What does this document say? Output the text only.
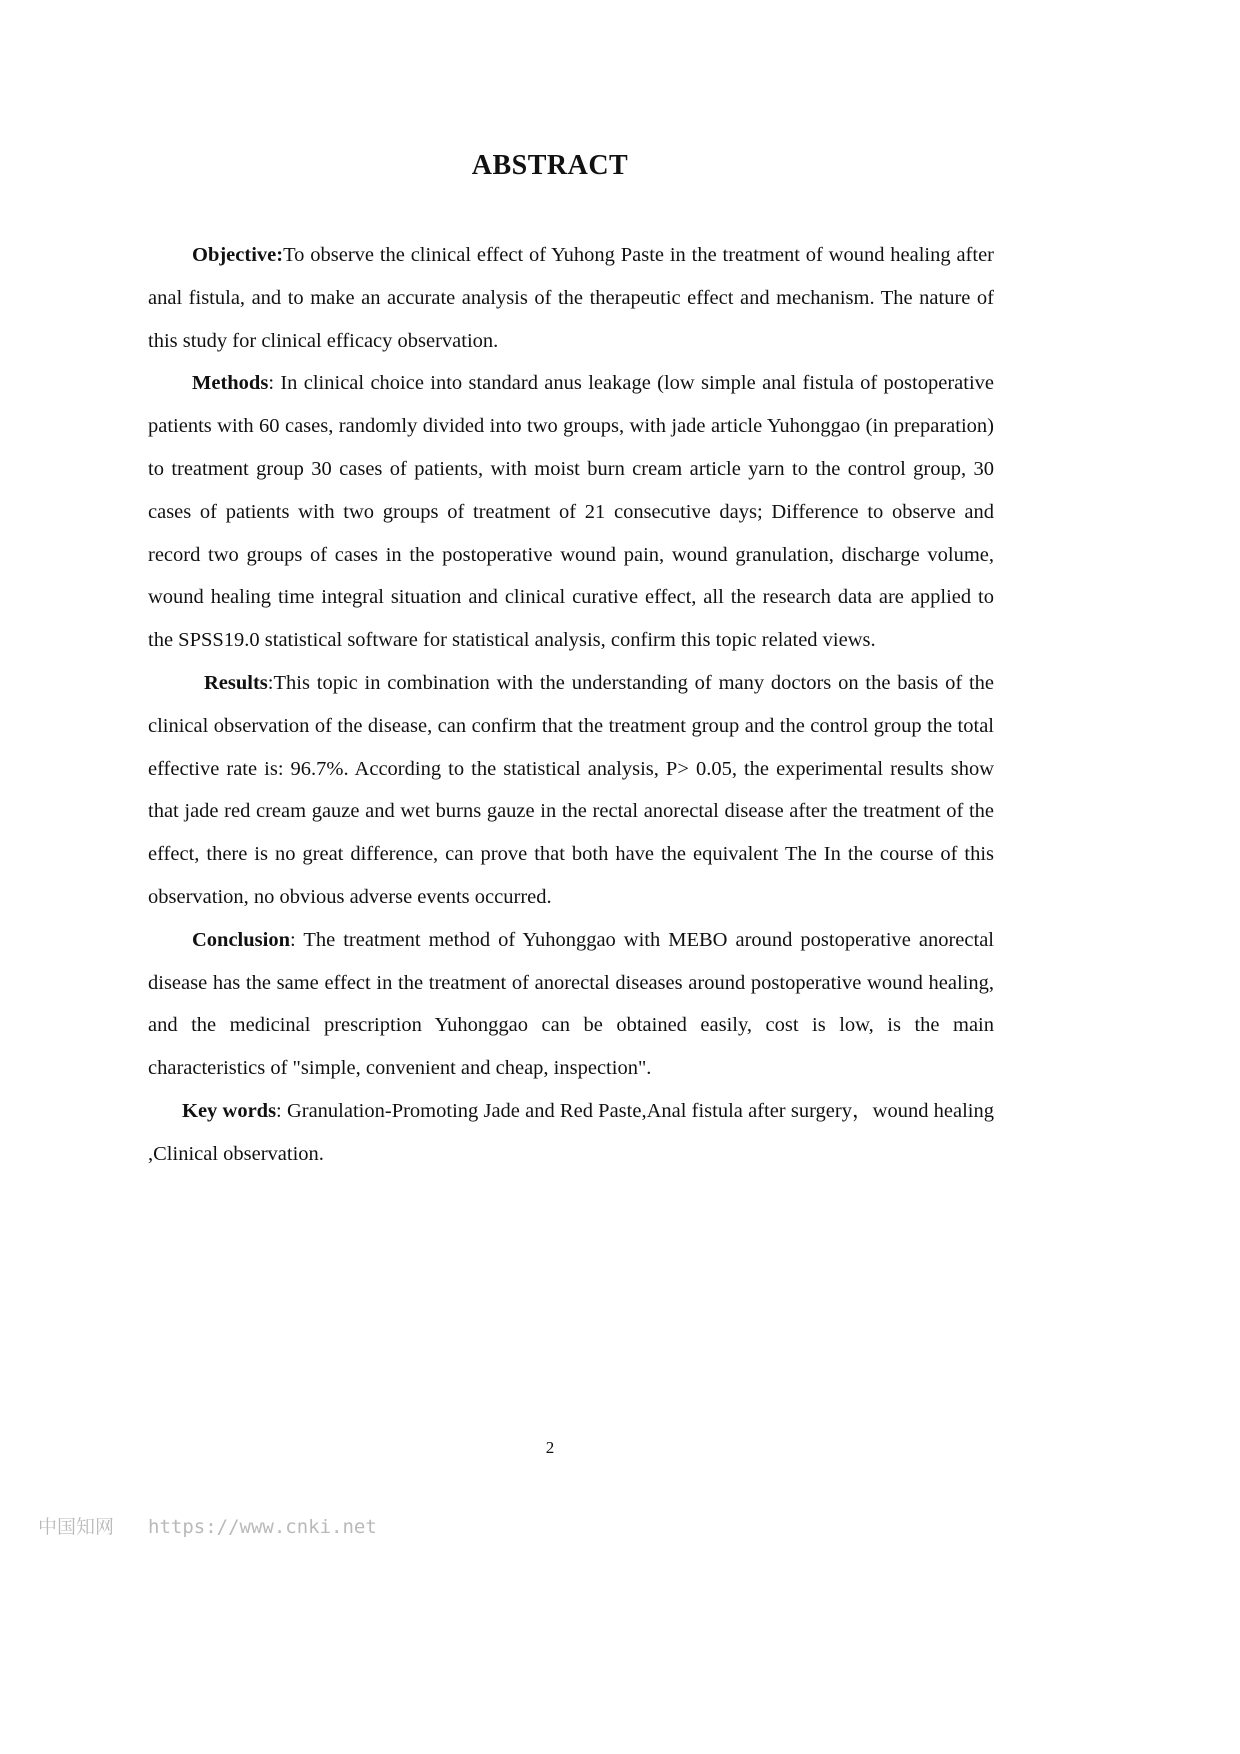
ABSTRACT

Objective:To observe the clinical effect of Yuhong Paste in the treatment of wound healing after anal fistula, and to make an accurate analysis of the therapeutic effect and mechanism. The nature of this study for clinical efficacy observation.

Methods: In clinical choice into standard anus leakage (low simple anal fistula of postoperative patients with 60 cases, randomly divided into two groups, with jade article Yuhonggao (in preparation) to treatment group 30 cases of patients, with moist burn cream article yarn to the control group, 30 cases of patients with two groups of treatment of 21 consecutive days; Difference to observe and record two groups of cases in the postoperative wound pain, wound granulation, discharge volume, wound healing time integral situation and clinical curative effect, all the research data are applied to the SPSS19.0 statistical software for statistical analysis, confirm this topic related views.

Results:This topic in combination with the understanding of many doctors on the basis of the clinical observation of the disease, can confirm that the treatment group and the control group the total effective rate is: 96.7%. According to the statistical analysis, P> 0.05, the experimental results show that jade red cream gauze and wet burns gauze in the rectal anorectal disease after the treatment of the effect, there is no great difference, can prove that both have the equivalent The In the course of this observation, no obvious adverse events occurred.

Conclusion: The treatment method of Yuhonggao with MEBO around postoperative anorectal disease has the same effect in the treatment of anorectal diseases around postoperative wound healing, and the medicinal prescription Yuhonggao can be obtained easily, cost is low, is the main characteristics of "simple, convenient and cheap, inspection".

Key words: Granulation-Promoting Jade and Red Paste,Anal fistula after surgery，wound healing ,Clinical observation.

2
中国知网 https://www.cnki.net
